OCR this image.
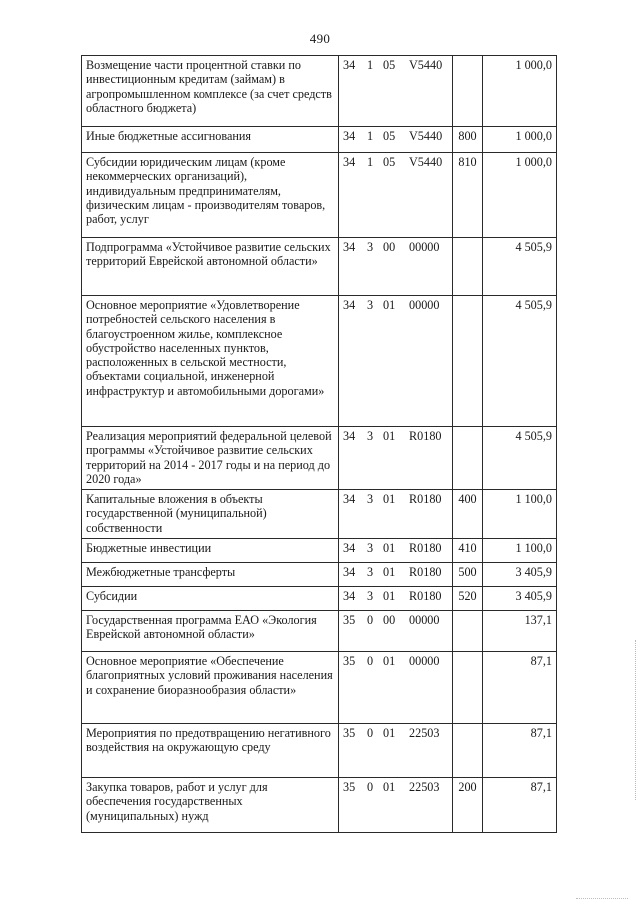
490
Возмещение части процентной ставки по инвестиционным кредитам (займам) в агропромышленном комплексе (за счет средств областного бюджета)	34 1 05 V5440		1 000,0
Иные бюджетные ассигнования	34 1 05 V5440	800	1 000,0
Субсидии юридическим лицам (кроме некоммерческих организаций), индивидуальным предпринимателям, физическим лицам - производителям товаров, работ, услуг	34 1 05 V5440	810	1 000,0
Подпрограмма «Устойчивое развитие сельских территорий Еврейской автономной области»	34 3 00 00000		4 505,9
Основное мероприятие «Удовлетворение потребностей сельского населения в благоустроенном жилье, комплексное обустройство населенных пунктов, расположенных в сельской местности, объектами социальной, инженерной инфраструктур и автомобильными дорогами»	34 3 01 00000		4 505,9
Реализация мероприятий федеральной целевой программы «Устойчивое развитие сельских территорий на 2014 - 2017 годы и на период до 2020 года»	34 3 01 R0180		4 505,9
Капитальные вложения в объекты государственной (муниципальной) собственности	34 3 01 R0180	400	1 100,0
Бюджетные инвестиции	34 3 01 R0180	410	1 100,0
Межбюджетные трансферты	34 3 01 R0180	500	3 405,9
Субсидии	34 3 01 R0180	520	3 405,9
Государственная программа ЕАО «Экология Еврейской автономной области»	35 0 00 00000		137,1
Основное мероприятие «Обеспечение благоприятных условий проживания населения и сохранение биоразнообразия области»	35 0 01 00000		87,1
Мероприятия по предотвращению негативного воздействия на окружающую среду	35 0 01 22503		87,1
Закупка товаров, работ и услуг для обеспечения государственных (муниципальных) нужд	35 0 01 22503	200	87,1
